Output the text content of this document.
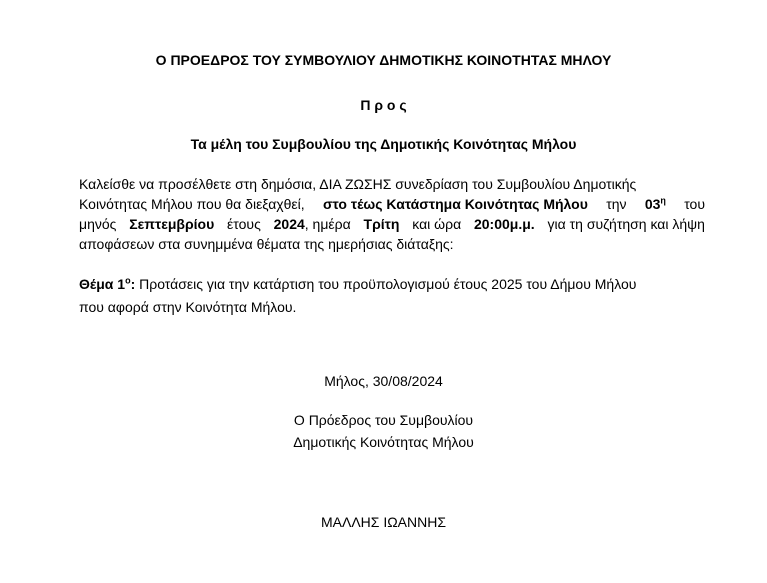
Ο ΠΡΟΕΔΡΟΣ ΤΟΥ ΣΥΜΒΟΥΛΙΟΥ ΔΗΜΟΤΙΚΗΣ ΚΟΙΝΟΤΗΤΑΣ ΜΗΛΟΥ
Π ρ ο ς
Τα μέλη του Συμβουλίου της Δημοτικής Κοινότητας Μήλου
Καλείσθε να προσέλθετε στη δημόσια, ΔΙΑ ΖΩΣΗΣ συνεδρίαση του Συμβουλίου Δημοτικής
Κοινότητας Μήλου που θα διεξαχθεί, στο τέως Κατάστημα Κοινότητας Μήλου την $03^\eta$ του
μηνός Σεπτεμβρίου έτους 2024, ημέρα Τρίτη και ώρα 20:00μ.μ. για τη συζήτηση και λήψη
αποφάσεων στα συνημμένα θέματα της ημερήσιας διάταξης:
Θέμα $1^o$: Προτάσεις για την κατάρτιση του προϋπολογισμού έτους 2025 του Δήμου Μήλου
που αφορά στην Κοινότητα Μήλου.
Μήλος, 30/08/2024
Ο Πρόεδρος του Συμβουλίου
Δημοτικής Κοινότητας Μήλου
ΜΑΛΛΗΣ ΙΩΑΝΝΗΣ
